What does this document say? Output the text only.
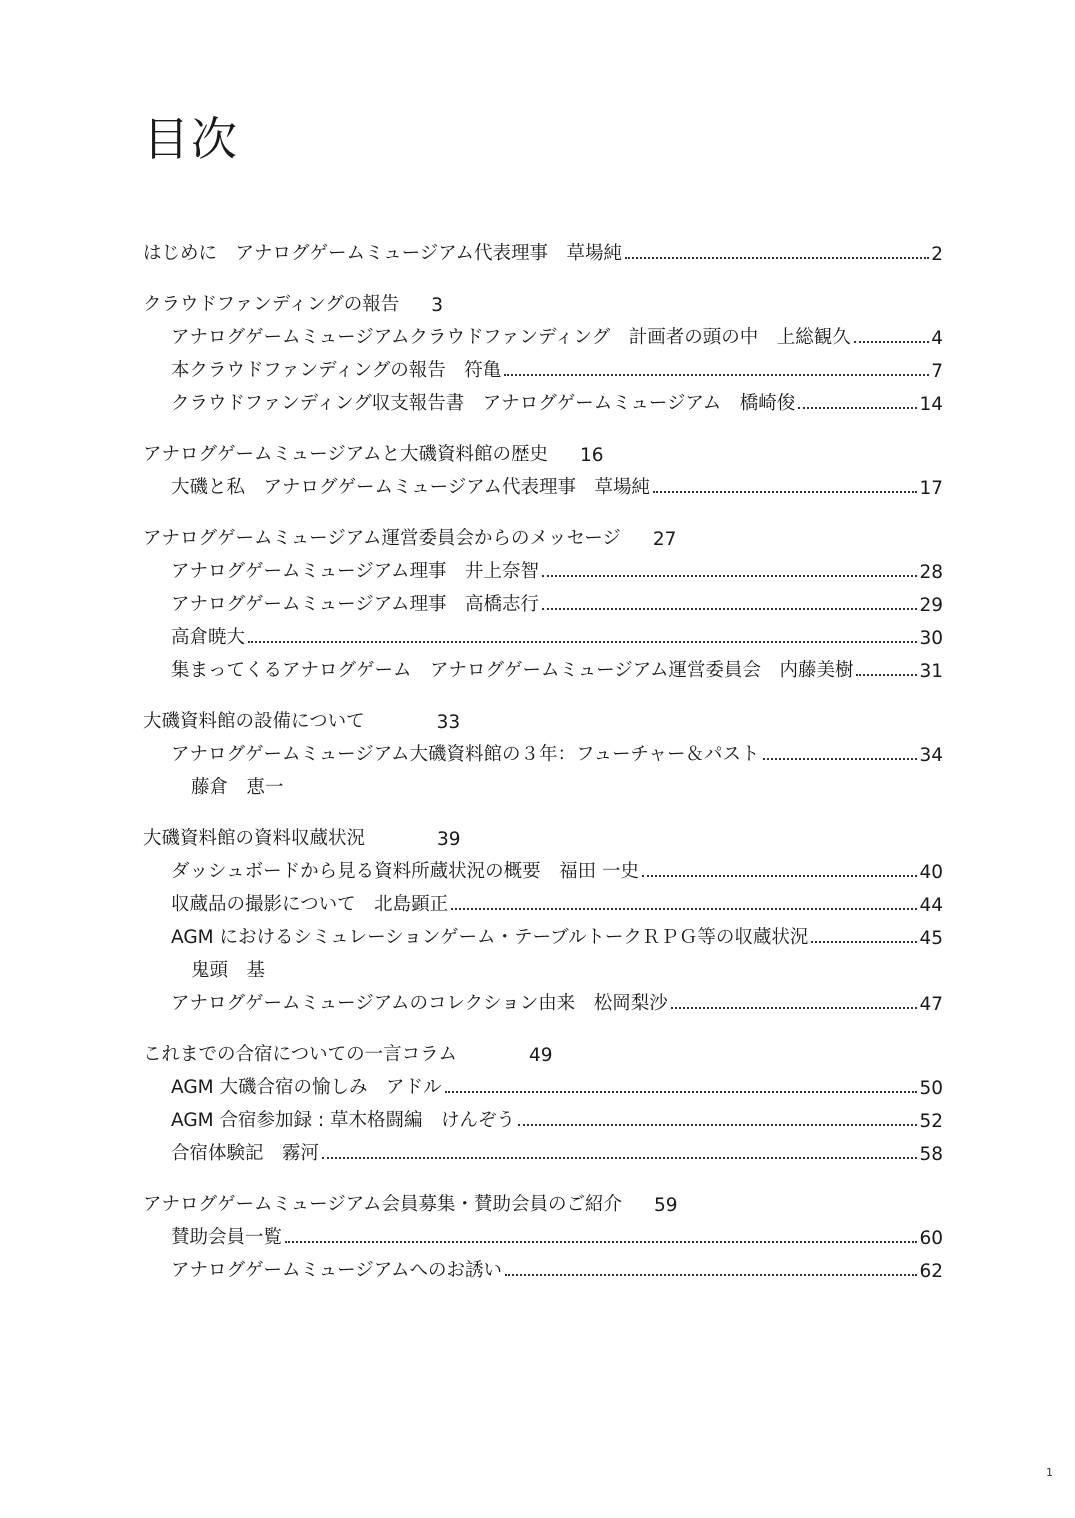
目次
はじめに　アナログゲームミュージアム代表理事　草場純	2
クラウドファンディングの報告 3
アナログゲームミュージアムクラウドファンディング　計画者の頭の中　上総観久	4
本クラウドファンディングの報告　符亀	7
クラウドファンディング収支報告書　アナログゲームミュージアム　橋崎俊	14
アナログゲームミュージアムと大磯資料館の歴史 16
大磯と私　アナログゲームミュージアム代表理事　草場純	17
アナログゲームミュージアム運営委員会からのメッセージ 27
アナログゲームミュージアム理事　井上奈智	28
アナログゲームミュージアム理事　高橋志行	29
高倉暁大	30
集まってくるアナログゲーム　アナログゲームミュージアム運営委員会　内藤美樹	31
大磯資料館の設備について	33
アナログゲームミュージアム大磯資料館の３年：フューチャー＆パスト	34
藤倉　恵一
大磯資料館の資料収蔵状況	39
ダッシュボードから見る資料所蔵状況の概要　福田 一史	40
収蔵品の撮影について　北島顕正	44
AGM におけるシミュレーションゲーム・テーブルトークＲＰＧ等の収蔵状況	45
鬼頭　基
アナログゲームミュージアムのコレクション由来　松岡梨沙	47
これまでの合宿についての一言コラム	49
AGM 大磯合宿の愉しみ　アドル	50
AGM 合宿参加録 : 草木格闘編　けんぞう	52
合宿体験記　霧河	58
アナログゲームミュージアム会員募集・賛助会員のご紹介 59
賛助会員一覧	60
アナログゲームミュージアムへのお誘い	62
1
